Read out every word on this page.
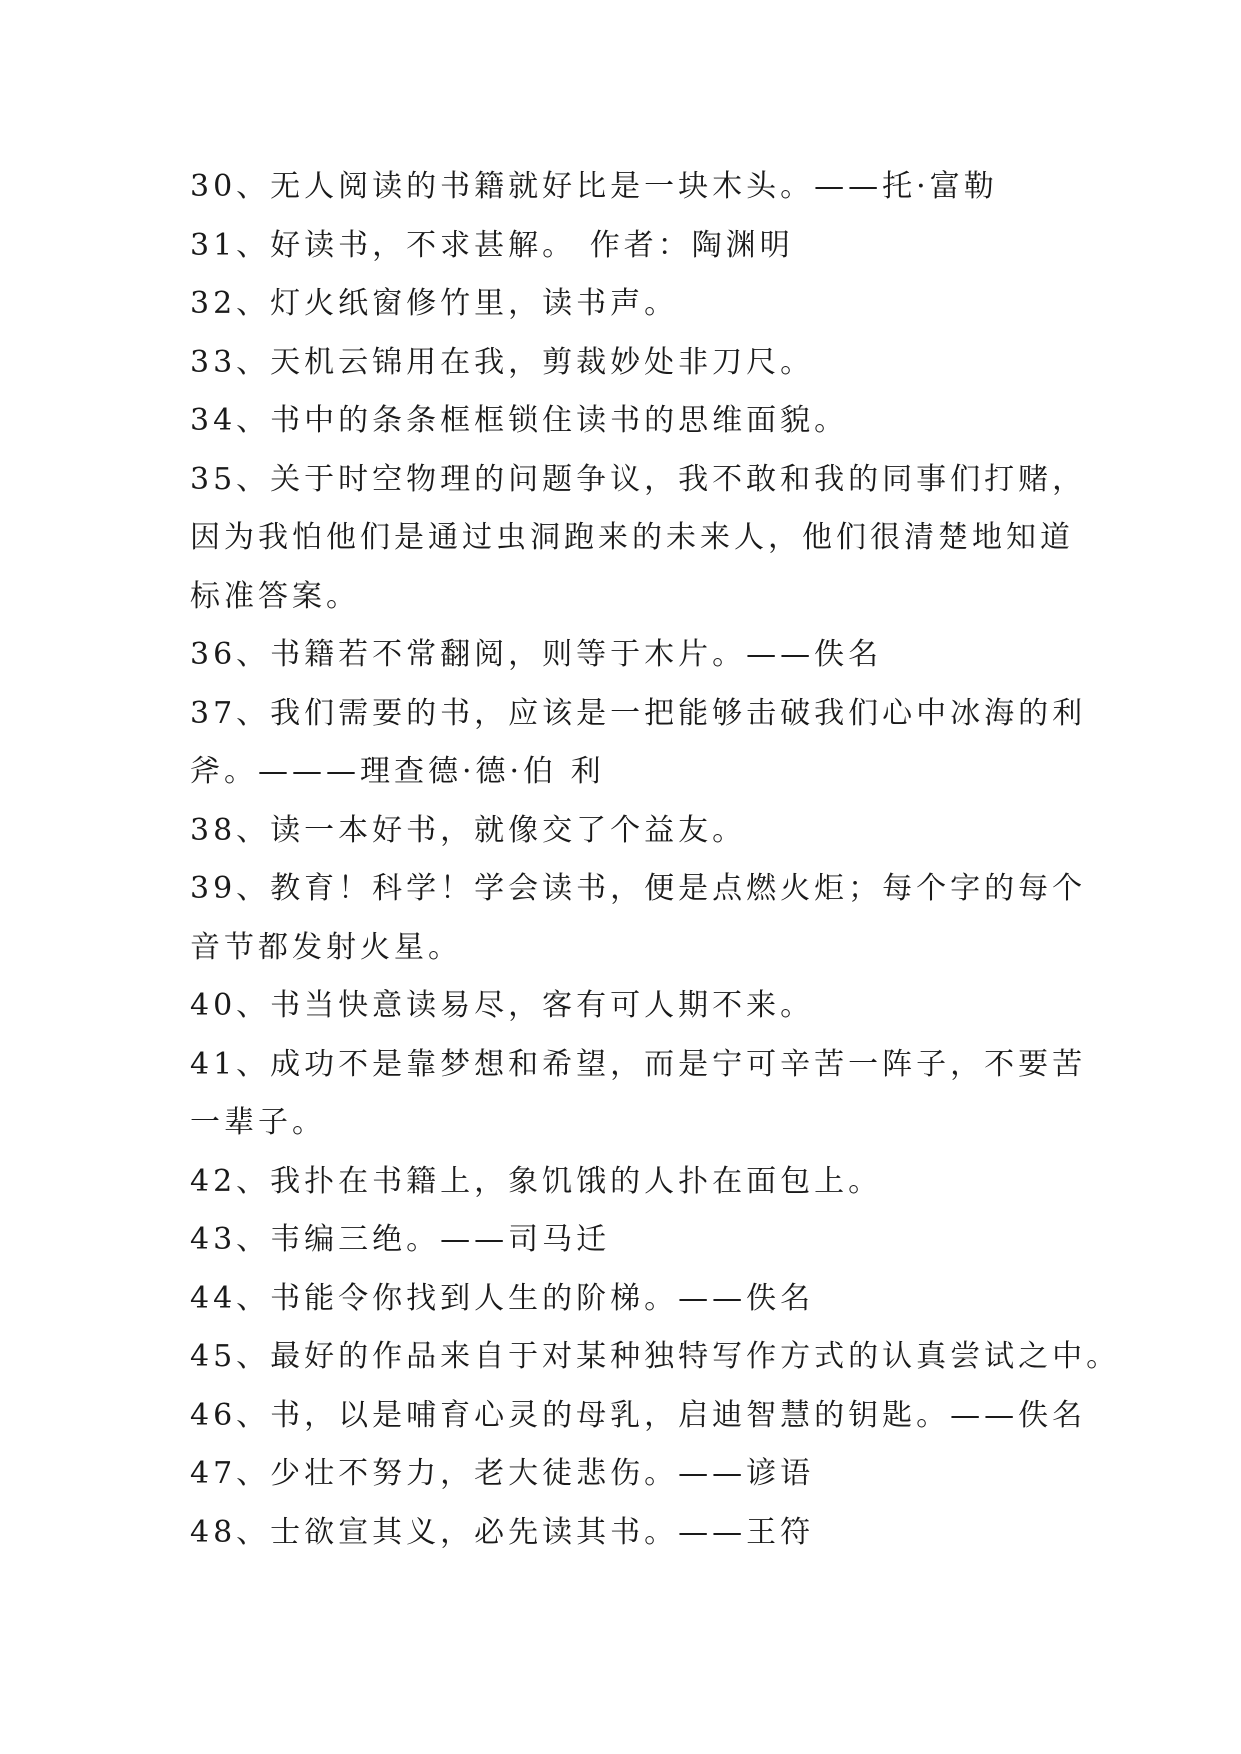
30、无人阅读的书籍就好比是一块木头。——托·富勒
31、好读书，不求甚解。 作者：陶渊明
32、灯火纸窗修竹里，读书声。
33、天机云锦用在我，剪裁妙处非刀尺。
34、书中的条条框框锁住读书的思维面貌。
35、关于时空物理的问题争议，我不敢和我的同事们打赌，
因为我怕他们是通过虫洞跑来的未来人，他们很清楚地知道
标准答案。
36、书籍若不常翻阅，则等于木片。——佚名
37、我们需要的书，应该是一把能够击破我们心中冰海的利
斧。———理查德·德·伯 利
38、读一本好书，就像交了个益友。
39、教育！科学！学会读书，便是点燃火炬；每个字的每个
音节都发射火星。
40、书当快意读易尽，客有可人期不来。
41、成功不是靠梦想和希望，而是宁可辛苦一阵子，不要苦
一辈子。
42、我扑在书籍上，象饥饿的人扑在面包上。
43、韦编三绝。——司马迁
44、书能令你找到人生的阶梯。——佚名
45、最好的作品来自于对某种独特写作方式的认真尝试之中。
46、书，以是哺育心灵的母乳，启迪智慧的钥匙。——佚名
47、少壮不努力，老大徒悲伤。——谚语
48、士欲宣其义，必先读其书。——王符
